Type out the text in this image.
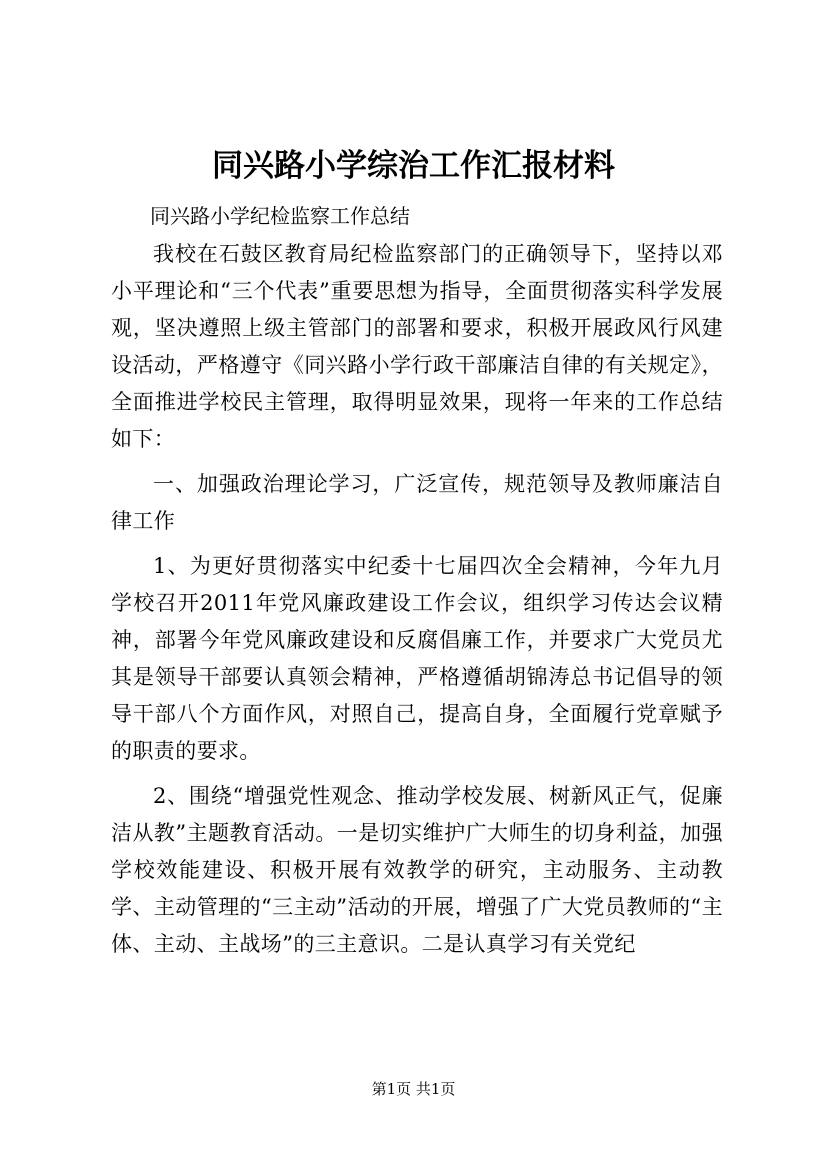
同兴路小学综治工作汇报材料

同兴路小学纪检监察工作总结

我校在石鼓区教育局纪检监察部门的正确领导下，坚持以邓小平理论和“三个代表”重要思想为指导，全面贯彻落实科学发展观，坚决遵照上级主管部门的部署和要求，积极开展政风行风建设活动，严格遵守《同兴路小学行政干部廉洁自律的有关规定》，全面推进学校民主管理，取得明显效果，现将一年来的工作总结如下：

一、加强政治理论学习，广泛宣传，规范领导及教师廉洁自律工作

1、为更好贯彻落实中纪委十七届四次全会精神，今年九月学校召开2011年党风廉政建设工作会议，组织学习传达会议精神，部署今年党风廉政建设和反腐倡廉工作，并要求广大党员尤其是领导干部要认真领会精神，严格遵循胡锦涛总书记倡导的领导干部八个方面作风，对照自己，提高自身，全面履行党章赋予的职责的要求。

2、围绕“增强党性观念、推动学校发展、树新风正气，促廉洁从教”主题教育活动。一是切实维护广大师生的切身利益，加强学校效能建设、积极开展有效教学的研究，主动服务、主动教学、主动管理的“三主动”活动的开展，增强了广大党员教师的“主体、主动、主战场”的三主意识。二是认真学习有关党纪

第1页 共1页
